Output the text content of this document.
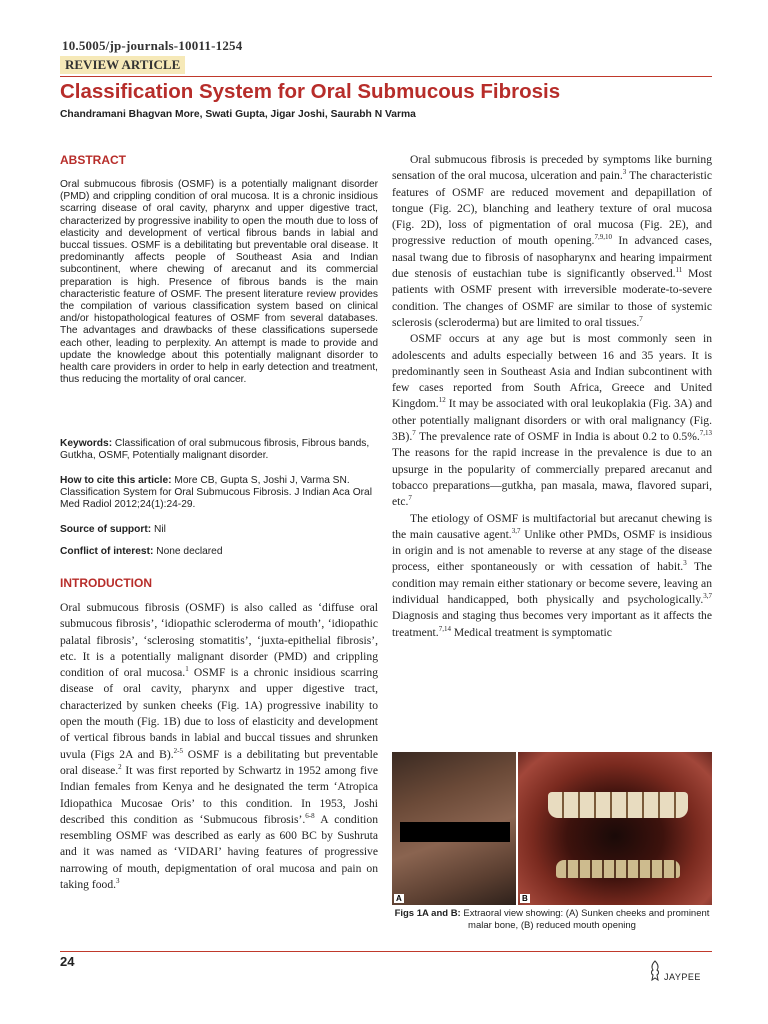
10.5005/jp-journals-10011-1254
REVIEW ARTICLE
Classification System for Oral Submucous Fibrosis
Chandramani Bhagvan More, Swati Gupta, Jigar Joshi, Saurabh N Varma
ABSTRACT
Oral submucous fibrosis (OSMF) is a potentially malignant disorder (PMD) and crippling condition of oral mucosa. It is a chronic insidious scarring disease of oral cavity, pharynx and upper digestive tract, characterized by progressive inability to open the mouth due to loss of elasticity and development of vertical fibrous bands in labial and buccal tissues. OSMF is a debilitating but preventable oral disease. It predominantly affects people of Southeast Asia and Indian subcontinent, where chewing of arecanut and its commercial preparation is high. Presence of fibrous bands is the main characteristic feature of OSMF. The present literature review provides the compilation of various classification system based on clinical and/or histopathological features of OSMF from several databases. The advantages and drawbacks of these classifications supersede each other, leading to perplexity. An attempt is made to provide and update the knowledge about this potentially malignant disorder to health care providers in order to help in early detection and treatment, thus reducing the mortality of oral cancer.
Keywords: Classification of oral submucous fibrosis, Fibrous bands, Gutkha, OSMF, Potentially malignant disorder.
How to cite this article: More CB, Gupta S, Joshi J, Varma SN. Classification System for Oral Submucous Fibrosis. J Indian Aca Oral Med Radiol 2012;24(1):24-29.
Source of support: Nil
Conflict of interest: None declared
INTRODUCTION

Oral submucous fibrosis (OSMF) is also called as ‘diffuse oral submucous fibrosis’, ‘idiopathic scleroderma of mouth’, ‘idiopathic palatal fibrosis’, ‘sclerosing stomatitis’, ‘juxta-epithelial fibrosis’, etc. It is a potentially malignant disorder (PMD) and crippling condition of oral mucosa.$^1$ OSMF is a chronic insidious scarring disease of oral cavity, pharynx and upper digestive tract, characterized by sunken cheeks (Fig. 1A) progressive inability to open the mouth (Fig. 1B) due to loss of elasticity and development of vertical fibrous bands in labial and buccal tissues and shrunken uvula (Figs 2A and B).$^{2-5}$ OSMF is a debilitating but preventable oral disease.$^2$ It was first reported by Schwartz in 1952 among five Indian females from Kenya and he designated the term ‘Atropica Idiopathica Mucosae Oris’ to this condition. In 1953, Joshi described this condition as ‘Submucous fibrosis’.$^{6-8}$ A condition resembling OSMF was described as early as 600 BC by Sushruta and it was named as ‘VIDARI’ having features of progressive narrowing of mouth, depigmentation of oral mucosa and pain on taking food.$^3$

Oral submucous fibrosis is preceded by symptoms like burning sensation of the oral mucosa, ulceration and pain.$^3$ The characteristic features of OSMF are reduced movement and depapillation of tongue (Fig. 2C), blanching and leathery texture of oral mucosa (Fig. 2D), loss of pigmentation of oral mucosa (Fig. 2E), and progressive reduction of mouth opening.$^{7,9,10}$ In advanced cases, nasal twang due to fibrosis of nasopharynx and hearing impairment due stenosis of eustachian tube is significantly observed.$^{11}$ Most patients with OSMF present with irreversible moderate-to-severe condition. The changes of OSMF are similar to those of systemic sclerosis (scleroderma) but are limited to oral tissues.$^7$

OSMF occurs at any age but is most commonly seen in adolescents and adults especially between 16 and 35 years. It is predominantly seen in Southeast Asia and Indian subcontinent with few cases reported from South Africa, Greece and United Kingdom.$^{12}$ It may be associated with oral leukoplakia (Fig. 3A) and other potentially malignant disorders or with oral malignancy (Fig. 3B).$^7$ The prevalence rate of OSMF in India is about 0.2 to 0.5%.$^{7,13}$ The reasons for the rapid increase in the prevalence is due to an upsurge in the popularity of commercially prepared arecanut and tobacco preparations—gutkha, pan masala, mawa, flavored supari, etc.$^7$

The etiology of OSMF is multifactorial but arecanut chewing is the main causative agent.$^{3,7}$ Unlike other PMDs, OSMF is insidious in origin and is not amenable to reverse at any stage of the disease process, either spontaneously or with cessation of habit.$^3$ The condition may remain either stationary or become severe, leaving an individual handicapped, both physically and psychologically.$^{3,7}$ Diagnosis and staging thus becomes very important as it affects the treatment.$^{7,14}$ Medical treatment is symptomatic

A	B
Figs 1A and B: Extraoral view showing: (A) Sunken cheeks and prominent malar bone, (B) reduced mouth opening
24
JAYPEE
